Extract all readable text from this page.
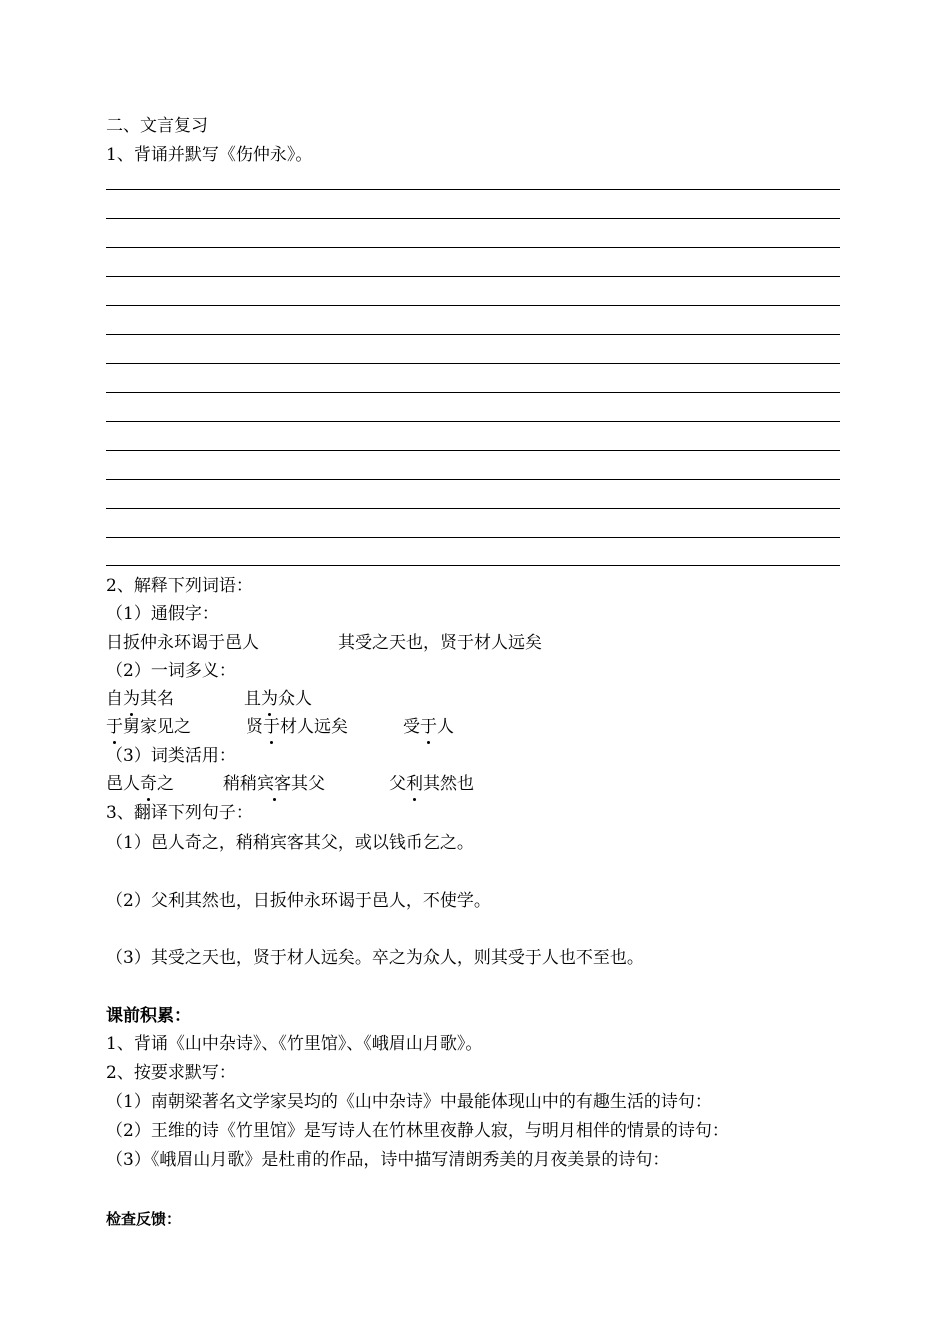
二、文言复习
1、背诵并默写《伤仲永》。
2、解释下列词语：
（1）通假字：
日扳仲永环谒于邑人	其受之天也，贤于材人远矣
（2）一词多义：
自为其名	且为众人
于舅家见之	贤于材人远矣	受于人
（3）词类活用：
邑人奇之	稍稍宾客其父	父利其然也
3、翻译下列句子：
（1）邑人奇之，稍稍宾客其父，或以钱币乞之。
（2）父利其然也，日扳仲永环谒于邑人，不使学。
（3）其受之天也，贤于材人远矣。卒之为众人，则其受于人也不至也。
课前积累：
1、背诵《山中杂诗》、《竹里馆》、《峨眉山月歌》。
2、按要求默写：
（1）南朝梁著名文学家吴均的《山中杂诗》中最能体现山中的有趣生活的诗句：
（2）王维的诗《竹里馆》是写诗人在竹林里夜静人寂，与明月相伴的情景的诗句：
（3）《峨眉山月歌》是杜甫的作品，诗中描写清朗秀美的月夜美景的诗句：
检查反馈：
